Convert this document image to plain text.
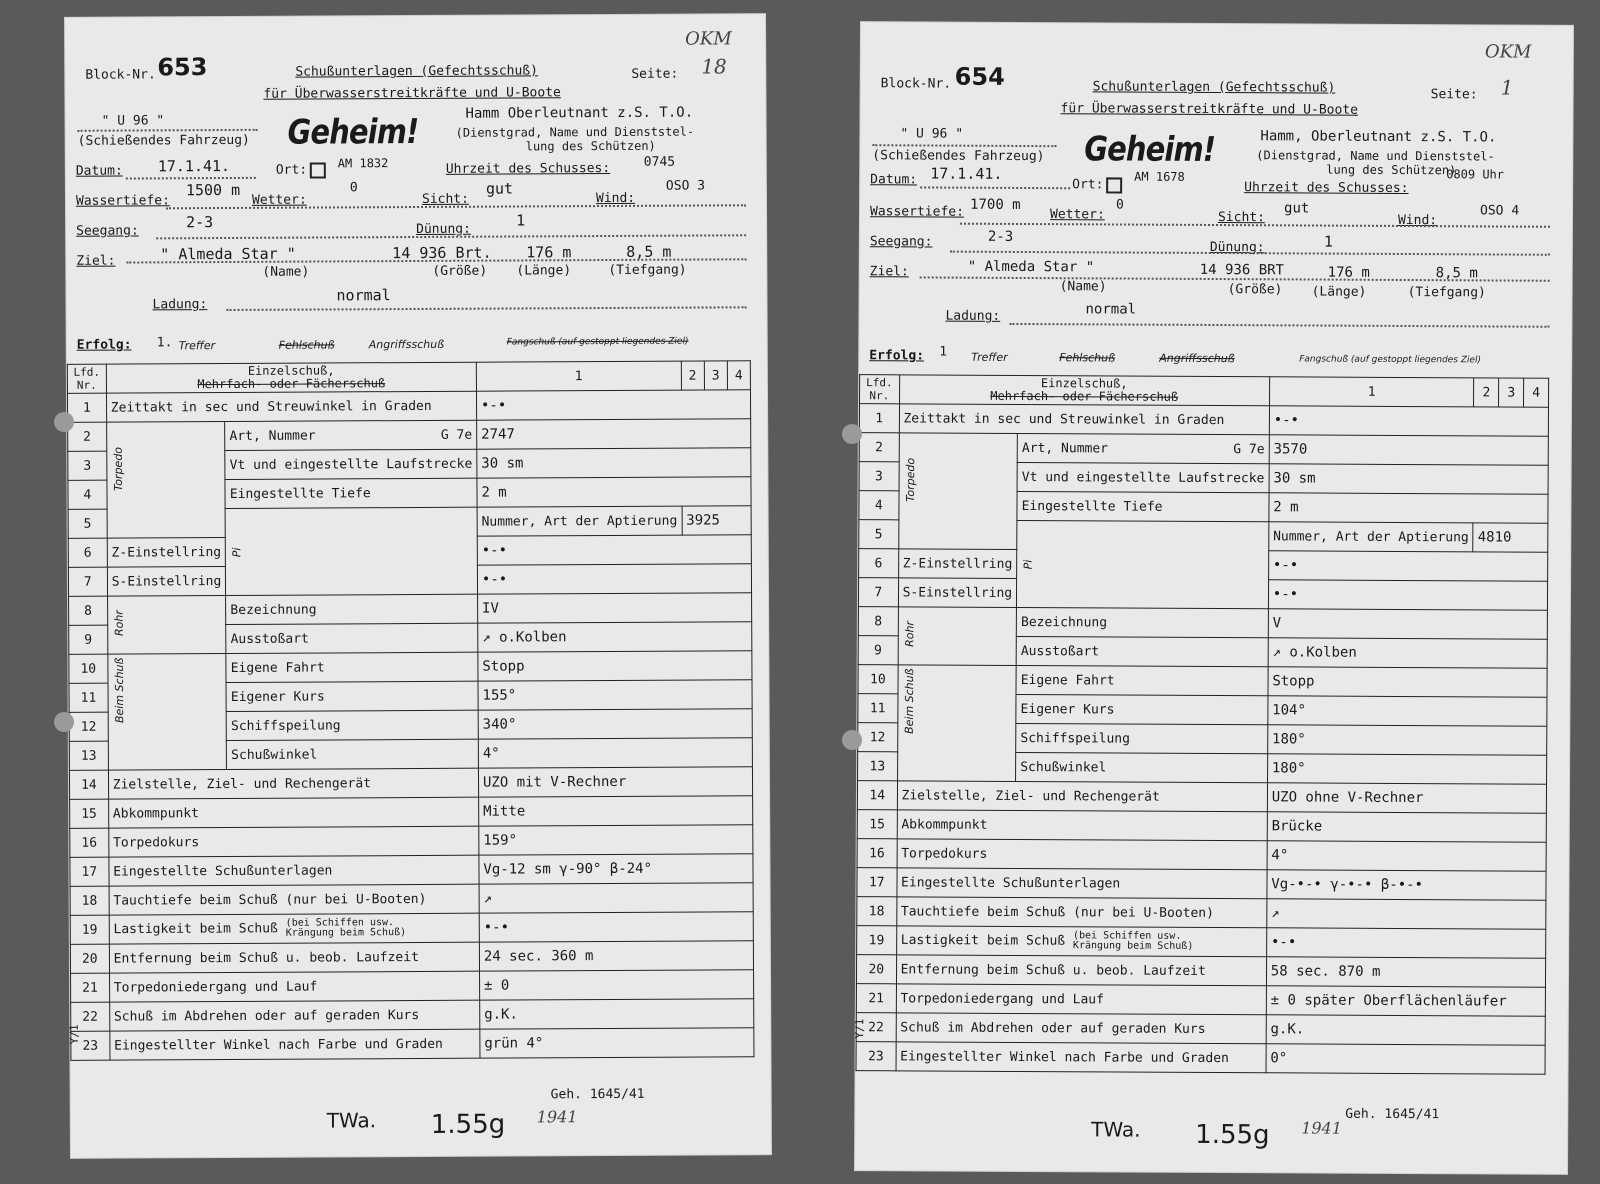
Block-Nr. 653	Schußunterlagen (Gefechtsschuß)
für Überwasserstreitkräfte und U-Boote
Seite: 18
OKM
" U 96 "
(Schießendes Fahrzeug) Geheim!	Hamm Oberleutnant z.S. T.O.
(Dienstgrad, Name und Dienststel-
lung des Schützen)
Datum: 17.1.41.	Ort:	AM 1832	Uhrzeit des Schusses:	0745
Wassertiefe:
1500 m
Wetter:
0
Sicht:
gut
Wind:
OSO 3
Seegang:	2-3	Dünung:	1
Ziel:	" Almeda Star "	14 936 Brt. 176 m	8,5 m
(Name)	(Größe) (Länge)	(Tiefgang)
normal
Ladung:
Erfolg: 1. Treffer	Fehlschuß	Angriffsschuß	Fangschuß (auf gestoppt liegendes Ziel)
Lfd. Nr.	Einzelschuß,
Mehrfach- oder Fächerschuß		1	2	3	4
1	Zeittakt in sec und Streuwinkel in Graden		•-•			
2	Torpedo	Art, Nummer G 7e	2747			
3		Vt und eingestellte Laufstrecke	30 sm			
4		Eingestellte Tiefe	2 m			
5		Pi	Nummer, Art der Aptierung	3925		
6	Z-Einstellring		•-•			
7	S-Einstellring		•-•			
8	Rohr	Bezeichnung	IV			
9		Ausstoßart	↗ o.Kolben			
10	Beim Schuß	Eigene Fahrt	Stopp			
11		Eigener Kurs	155°			
12		Schiffspeilung	340°			
13		Schußwinkel	4°			
14	Zielstelle, Ziel- und Rechengerät		UZO mit V-Rechner			
15	Abkommpunkt		Mitte			
16	Torpedokurs		159°			
17	Eingestellte Schußunterlagen		Vg-12 sm γ-90° β-24°			
18	Tauchtiefe beim Schuß (nur bei U-Booten)		↗			
19	Lastigkeit beim Schuß (bei Schiffen usw.
Krängung beim Schuß)		•-•			
20	Entfernung beim Schuß u. beob. Laufzeit		24 sec. 360 m			
21	Torpedoniedergang und Lauf		± 0			
22	Schuß im Abdrehen oder auf geraden Kurs		g.K.			
23	Eingestellter Winkel nach Farbe und Graden		grün 4°			
Geh. 1645/41
TWa. 1.55g 1941
Y/1
Block-Nr. 654	Schußunterlagen (Gefechtsschuß)
für Überwasserstreitkräfte und U-Boote
Seite: 1
OKM
" U 96 "
(Schießendes Fahrzeug) Geheim!	Hamm, Oberleutnant z.S. T.O.
(Dienstgrad, Name und Dienststel-
lung des Schützen)
Datum: 17.1.41.
Ort:
AM 1678
Uhrzeit des Schusses:
0809 Uhr
Wassertiefe: 1700 m
Wetter:
0
Sicht:
gut
Wind:
OSO 4
Seegang:	2-3
Dünung:	1
Ziel:	" Almeda Star "	14 936 BRT	176 m	8,5 m
(Name)	(Größe) (Länge)	(Tiefgang)
normal
Ladung:
Erfolg: 1 Treffer	Fehlschuß	Angriffsschuß	Fangschuß (auf gestoppt liegendes Ziel)
Lfd. Nr.	Einzelschuß,
Mehrfach- oder Fächerschuß		1	2	3	4
1	Zeittakt in sec und Streuwinkel in Graden		•-•			
2	Torpedo	Art, Nummer G 7e	3570			
3		Vt und eingestellte Laufstrecke	30 sm			
4		Eingestellte Tiefe	2 m			
5		Pi	Nummer, Art der Aptierung	4810		
6	Z-Einstellring		•-•			
7	S-Einstellring		•-•			
8	Rohr	Bezeichnung	V			
9		Ausstoßart	↗ o.Kolben			
10	Beim Schuß	Eigene Fahrt	Stopp			
11		Eigener Kurs	104°			
12		Schiffspeilung	180°			
13		Schußwinkel	180°			
14	Zielstelle, Ziel- und Rechengerät		UZO ohne V-Rechner			
15	Abkommpunkt		Brücke			
16	Torpedokurs		4°			
17	Eingestellte Schußunterlagen		Vg-•-• γ-•-• β-•-•			
18	Tauchtiefe beim Schuß (nur bei U-Booten)		↗			
19	Lastigkeit beim Schuß (bei Schiffen usw.
Krängung beim Schuß)		•-•			
20	Entfernung beim Schuß u. beob. Laufzeit		58 sec. 870 m			
21	Torpedoniedergang und Lauf		± 0 später Oberflächenläufer			
22	Schuß im Abdrehen oder auf geraden Kurs		g.K.			
23	Eingestellter Winkel nach Farbe und Graden		0°			
Geh. 1645/41
TWa. 1.55g 1941
Y/1
